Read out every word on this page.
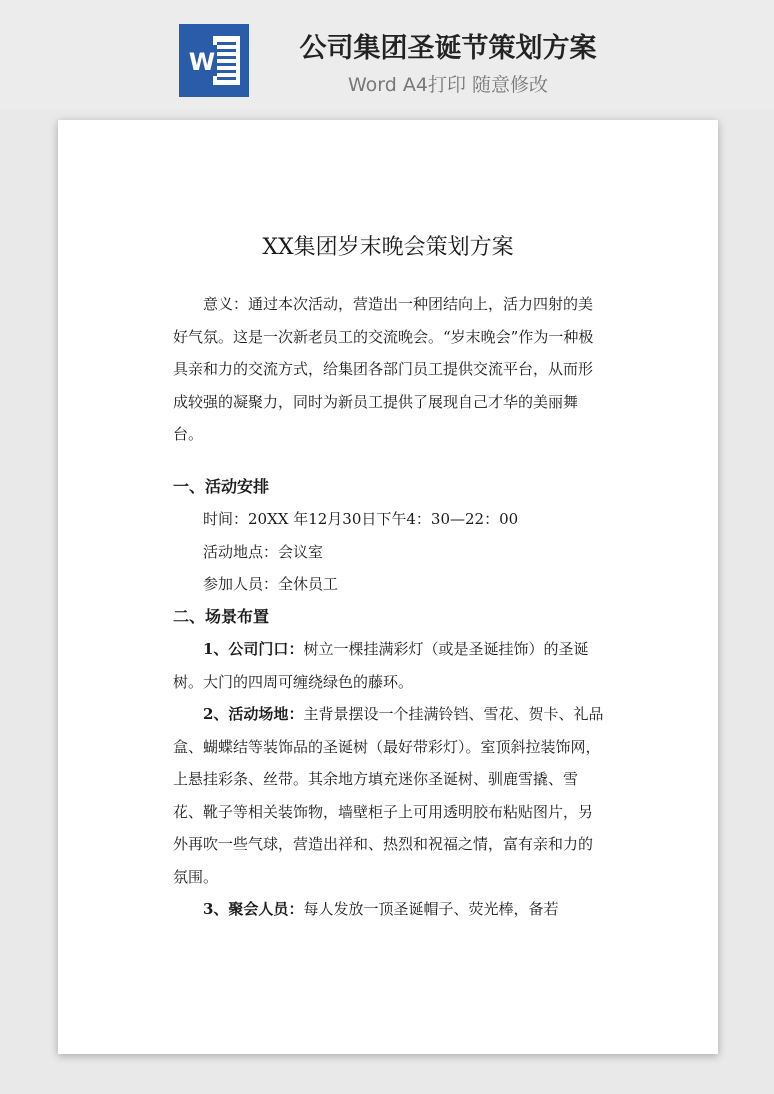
W	公司集团圣诞节策划方案
Word A4打印 随意修改
XX集团岁末晚会策划方案

意义：通过本次活动，营造出一种团结向上，活力四射的美好气氛。这是一次新老员工的交流晚会。“岁末晚会”作为一种极具亲和力的交流方式，给集团各部门员工提供交流平台，从而形成较强的凝聚力，同时为新员工提供了展现自己才华的美丽舞台。

一、活动安排

时间：20XX 年12月30日下午4：30—22：00

活动地点：会议室

参加人员：全休员工

二、场景布置

1、公司门口：树立一棵挂满彩灯（或是圣诞挂饰）的圣诞树。大门的四周可缠绕绿色的藤环。

2、活动场地：主背景摆设一个挂满铃铛、雪花、贺卡、礼品盒、蝴蝶结等装饰品的圣诞树（最好带彩灯）。室顶斜拉装饰网，上悬挂彩条、丝带。其余地方填充迷你圣诞树、驯鹿雪撬、雪花、靴子等相关装饰物，墙壁柜子上可用透明胶布粘贴图片，另外再吹一些气球，营造出祥和、热烈和祝福之情，富有亲和力的氛围。

3、聚会人员：每人发放一顶圣诞帽子、荧光棒，备若
